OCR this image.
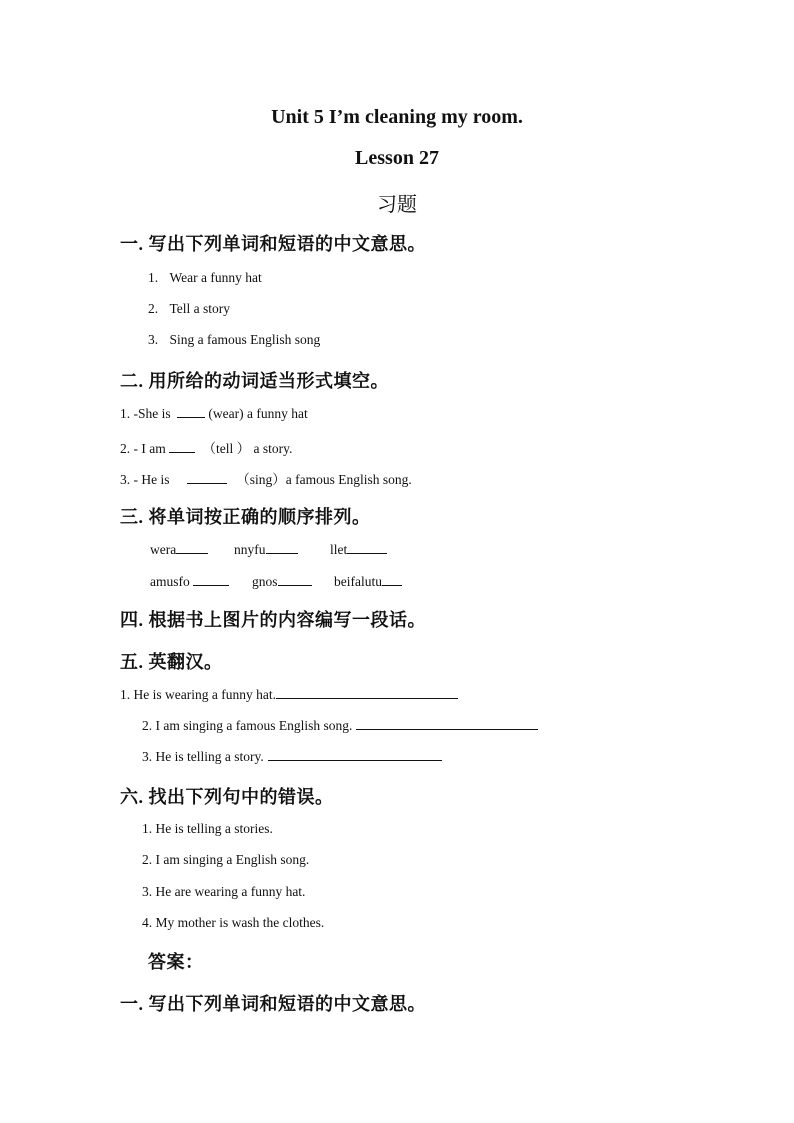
Unit 5 I’m cleaning my room.
Lesson 27
习题
一. 写出下列单词和短语的中文意思。
1. Wear a funny hat
2. Tell a story
3. Sing a famous English song
二. 用所给的动词适当形式填空。
1. -She is	(wear) a funny hat
2. - I am	（tell ） a story.
3. - He is	（sing）a famous English song.
三. 将单词按正确的顺序排列。
wera	nnyfu	llet
amusfo	gnos	beifalutu
四. 根据书上图片的内容编写一段话。
五. 英翻汉。
1. He is wearing a funny hat.
2. I am singing a famous English song.
3. He is telling a story.
六. 找出下列句中的错误。
1. He is telling a stories.
2. I am singing a English song.
3. He are wearing a funny hat.
4. My mother is wash the clothes.
答案：
一. 写出下列单词和短语的中文意思。
